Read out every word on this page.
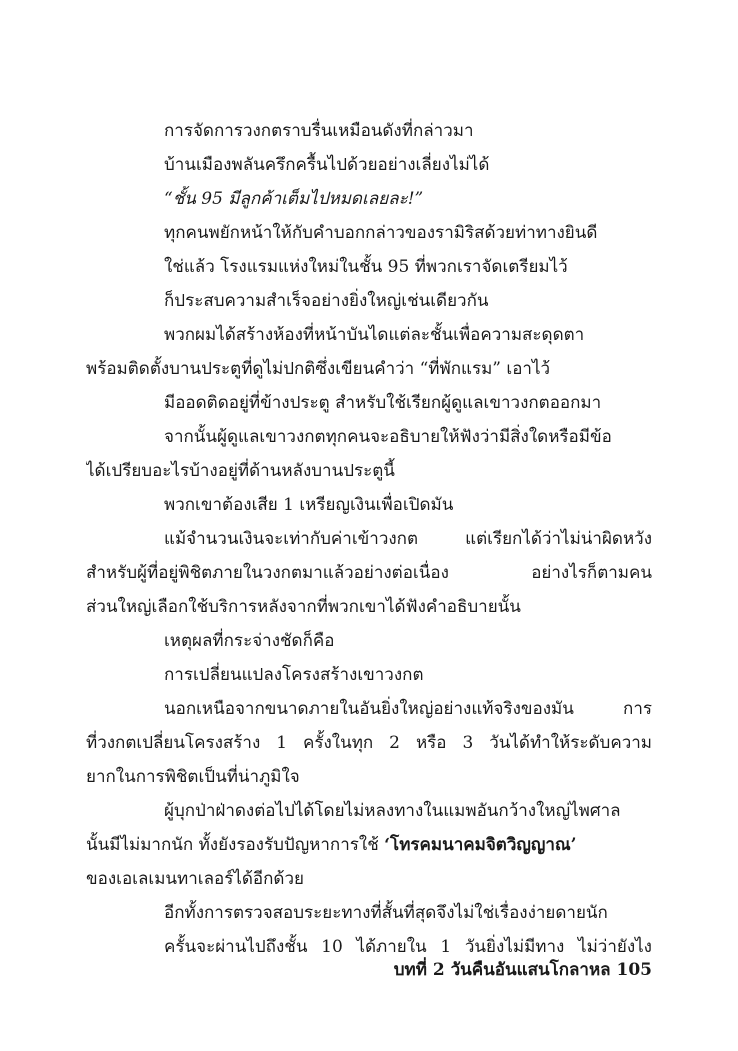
การจัดการวงกตราบรื่นเหมือนดังที่กล่าวมา
บ้านเมืองพลันครึกครื้นไปด้วยอย่างเลี่ยงไม่ได้
“ชั้น 95 มีลูกค้าเต็มไปหมดเลยละ!”
ทุกคนพยักหน้าให้กับคำบอกกล่าวของรามิริสด้วยท่าทางยินดี
ใช่แล้ว โรงแรมแห่งใหม่ในชั้น 95 ที่พวกเราจัดเตรียมไว้
ก็ประสบความสำเร็จอย่างยิ่งใหญ่เช่นเดียวกัน
พวกผมได้สร้างห้องที่หน้าบันไดแต่ละชั้นเพื่อความสะดุดตา
พร้อมติดตั้งบานประตูที่ดูไม่ปกติซึ่งเขียนคำว่า “ที่พักแรม” เอาไว้
มีออดติดอยู่ที่ข้างประตู สำหรับใช้เรียกผู้ดูแลเขาวงกตออกมา
จากนั้นผู้ดูแลเขาวงกตทุกคนจะอธิบายให้ฟังว่ามีสิ่งใดหรือมีข้อ
ได้เปรียบอะไรบ้างอยู่ที่ด้านหลังบานประตูนี้
พวกเขาต้องเสีย 1 เหรียญเงินเพื่อเปิดมัน
แม้จำนวนเงินจะเท่ากับค่าเข้าวงกต แต่เรียกได้ว่าไม่น่าผิดหวัง
สำหรับผู้ที่อยู่พิชิตภายในวงกตมาแล้วอย่างต่อเนื่อง อย่างไรก็ตามคน
ส่วนใหญ่เลือกใช้บริการหลังจากที่พวกเขาได้ฟังคำอธิบายนั้น
เหตุผลที่กระจ่างชัดก็คือ
การเปลี่ยนแปลงโครงสร้างเขาวงกต
นอกเหนือจากขนาดภายในอันยิ่งใหญ่อย่างแท้จริงของมัน การ
ที่วงกตเปลี่ยนโครงสร้าง 1 ครั้งในทุก 2 หรือ 3 วันได้ทำให้ระดับความ
ยากในการพิชิตเป็นที่น่าภูมิใจ
ผู้บุกป่าฝ่าดงต่อไปได้โดยไม่หลงทางในแมพอันกว้างใหญ่ไพศาล
นั้นมีไม่มากนัก ทั้งยังรองรับปัญหาการใช้ ‘โทรคมนาคมจิตวิญญาณ’
ของเอเลเมนทาเลอร์ได้อีกด้วย
อีกทั้งการตรวจสอบระยะทางที่สั้นที่สุดจึงไม่ใช่เรื่องง่ายดายนัก
ครั้นจะผ่านไปถึงชั้น 10 ได้ภายใน 1 วันยิ่งไม่มีทาง ไม่ว่ายังไง
บทที่ 2 วันคืนอันแสนโกลาหล 105
